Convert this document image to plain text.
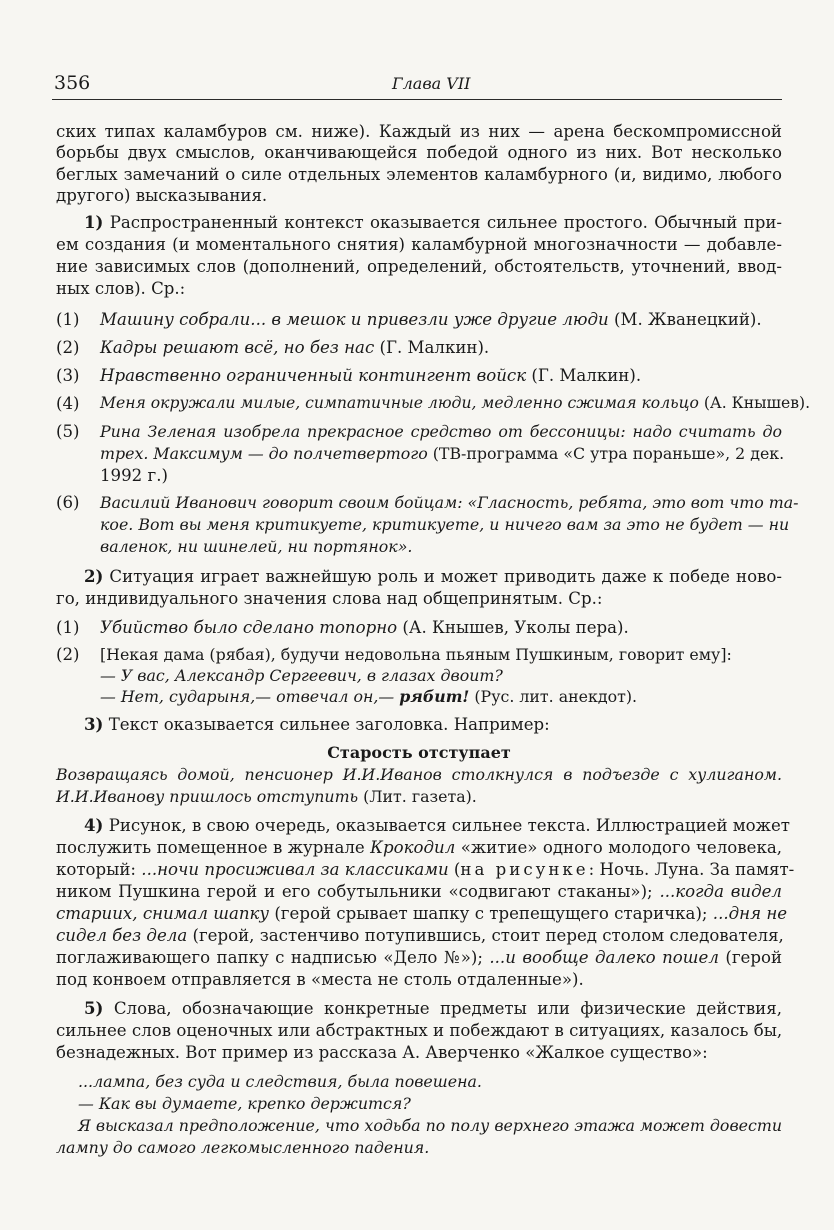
356	Глава VII
ских типах каламбуров см. ниже). Каждый из них — арена бескомпромиссной
борьбы двух смыслов, оканчивающейся победой одного из них. Вот несколько
беглых замечаний о силе отдельных элементов каламбурного (и, видимо, любого
другого) высказывания.
1) Распространенный контекст оказывается сильнее простого. Обычный при-
ем создания (и моментального снятия) каламбурной многозначности — добавле-
ние зависимых слов (дополнений, определений, обстоятельств, уточнений, ввод-
ных слов). Ср.:
(1) Машину собрали... в мешок и привезли уже другие люди (М. Жванецкий).
(2) Кадры решают всё, но без нас (Г. Малкин).
(3) Нравственно ограниченный контингент войск (Г. Малкин).
(4) Меня окружали милые, симпатичные люди, медленно сжимая кольцо (А. Кнышев).
(5) Рина Зеленая изобрела прекрасное средство от бессоницы: надо считать до
трех. Максимум — до полчетвертого (ТВ-программа «С утра пораньше», 2 дек.
1992 г.)
(6) Василий Иванович говорит своим бойцам: «Гласность, ребята, это вот что та-
кое. Вот вы меня критикуете, критикуете, и ничего вам за это не будет — ни
валенок, ни шинелей, ни портянок».
2) Ситуация играет важнейшую роль и может приводить даже к победе ново-
го, индивидуального значения слова над общепринятым. Ср.:
(1) Убийство было сделано топорно (А. Кнышев, Уколы пера).
(2) [Некая дама (рябая), будучи недовольна пьяным Пушкиным, говорит ему]:
— У вас, Александр Сергеевич, в глазах двоит?
— Нет, сударыня,— отвечал он,— рябит! (Рус. лит. анекдот).
3) Текст оказывается сильнее заголовка. Например:
Старость отступает
Возвращаясь домой, пенсионер И.И.Иванов столкнулся в подъезде с хулиганом.
И.И.Иванову пришлось отступить (Лит. газета).
4) Рисунок, в свою очередь, оказывается сильнее текста. Иллюстрацией может
послужить помещенное в журнале Крокодил «житие» одного молодого человека,
который: ...ночи просиживал за классиками (на рисунке: Ночь. Луна. За памят-
ником Пушкина герой и его собутыльники «содвигают стаканы»); ...когда видел
стариих, снимал шапку (герой срывает шапку с трепещущего старичка); ...дня не
сидел без дела (герой, застенчиво потупившись, стоит перед столом следователя,
поглаживающего папку с надписью «Дело №»); ...и вообще далеко пошел (герой
под конвоем отправляется в «места не столь отдаленные»).
5) Слова, обозначающие конкретные предметы или физические действия,
сильнее слов оценочных или абстрактных и побеждают в ситуациях, казалось бы,
безнадежных. Вот пример из рассказа А. Аверченко «Жалкое существо»:
...лампа, без суда и следствия, была повешена.
— Как вы думаете, крепко держится?
Я высказал предположение, что ходьба по полу верхнего этажа может довести
лампу до самого легкомысленного падения.
